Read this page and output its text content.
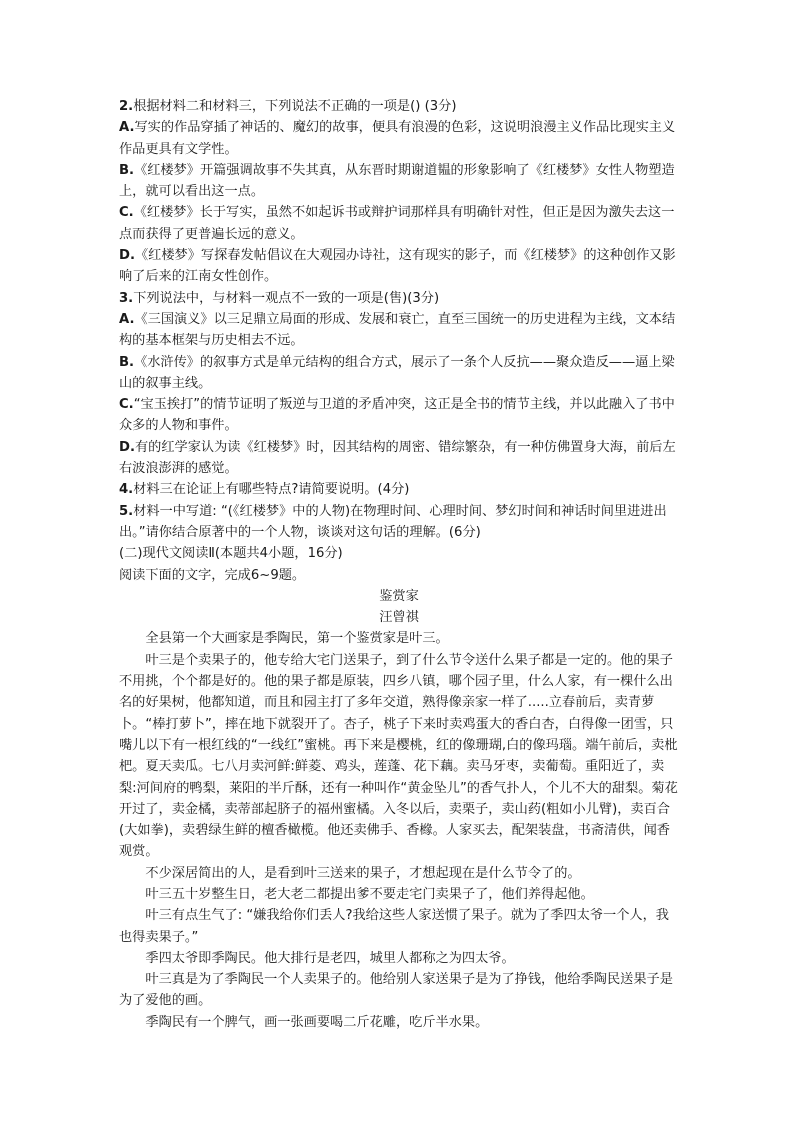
2.根据材料二和材料三，下列说法不正确的一项是() (3分)

A.写实的作品穿插了神话的、魔幻的故事，便具有浪漫的色彩，这说明浪漫主义作品比现实主义作品更具有文学性。

B.《红楼梦》开篇强调故事不失其真，从东晋时期谢道韫的形象影响了《红楼梦》女性人物塑造上，就可以看出这一点。

C.《红楼梦》长于写实，虽然不如起诉书或辩护词那样具有明确针对性，但正是因为激失去这一点而获得了更普遍长远的意义。

D.《红楼梦》写探春发帖倡议在大观园办诗社，这有现实的影子，而《红楼梦》的这种创作又影响了后来的江南女性创作。

3.下列说法中，与材料一观点不一致的一项是(售)(3分)

A.《三国演义》以三足鼎立局面的形成、发展和衰亡，直至三国统一的历史进程为主线，文本结构的基本框架与历史相去不远。

B.《水浒传》的叙事方式是单元结构的组合方式，展示了一条个人反抗——聚众造反——逼上梁山的叙事主线。

C.“宝玉挨打”的情节证明了叛逆与卫道的矛盾冲突，这正是全书的情节主线，并以此融入了书中众多的人物和事件。

D.有的红学家认为读《红楼梦》时，因其结构的周密、错综繁杂，有一种仿佛置身大海，前后左右波浪澎湃的感觉。

4.材料三在论证上有哪些特点?请简要说明。(4分)

5.材料一中写道: “(《红楼梦》中的人物)在物理时间、心理时间、梦幻时间和神话时间里进进出出。”请你结合原著中的一个人物，谈谈对这句话的理解。(6分)

(二)现代文阅读Ⅱ(本题共4小题，16分)

阅读下面的文字，完成6~9题。

鉴赏家

汪曾祺

全县第一个大画家是季陶民，第一个鉴赏家是叶三。

叶三是个卖果子的，他专给大宅门送果子，到了什么节令送什么果子都是一定的。他的果子不用挑，个个都是好的。他的果子都是原装，四乡八镇，哪个园子里，什么人家，有一棵什么出名的好果树，他都知道，而且和园主打了多年交道，熟得像亲家一样了.....立春前后，卖青萝卜。“棒打萝卜”，摔在地下就裂开了。杏子，桃子下来时卖鸡蛋大的香白杏，白得像一团雪，只嘴儿以下有一根红线的“一线红”蜜桃。再下来是樱桃，红的像珊瑚,白的像玛瑙。端午前后，卖枇杷。夏天卖瓜。七八月卖河鲜:鲜菱、鸡头，莲蓬、花下藕。卖马牙枣，卖葡萄。重阳近了，卖梨:河间府的鸭梨，莱阳的半斤酥，还有一种叫作“黄金坠儿”的香气扑人，个儿不大的甜梨。菊花开过了，卖金橘，卖蒂部起脐子的福州蜜橘。入冬以后，卖栗子，卖山药(粗如小儿臂)，卖百合(大如拳)，卖碧绿生鲜的檀香橄榄。他还卖佛手、香橼。人家买去，配架装盘，书斋清供，闻香观赏。

不少深居简出的人，是看到叶三送来的果子，才想起现在是什么节令了的。

叶三五十岁整生日，老大老二都提出爹不要走宅门卖果子了，他们养得起他。

叶三有点生气了: “嫌我给你们丢人?我给这些人家送惯了果子。就为了季四太爷一个人，我也得卖果子。”

季四太爷即季陶民。他大排行是老四，城里人都称之为四太爷。

叶三真是为了季陶民一个人卖果子的。他给别人家送果子是为了挣钱，他给季陶民送果子是为了爱他的画。

季陶民有一个脾气，画一张画要喝二斤花雕，吃斤半水果。
